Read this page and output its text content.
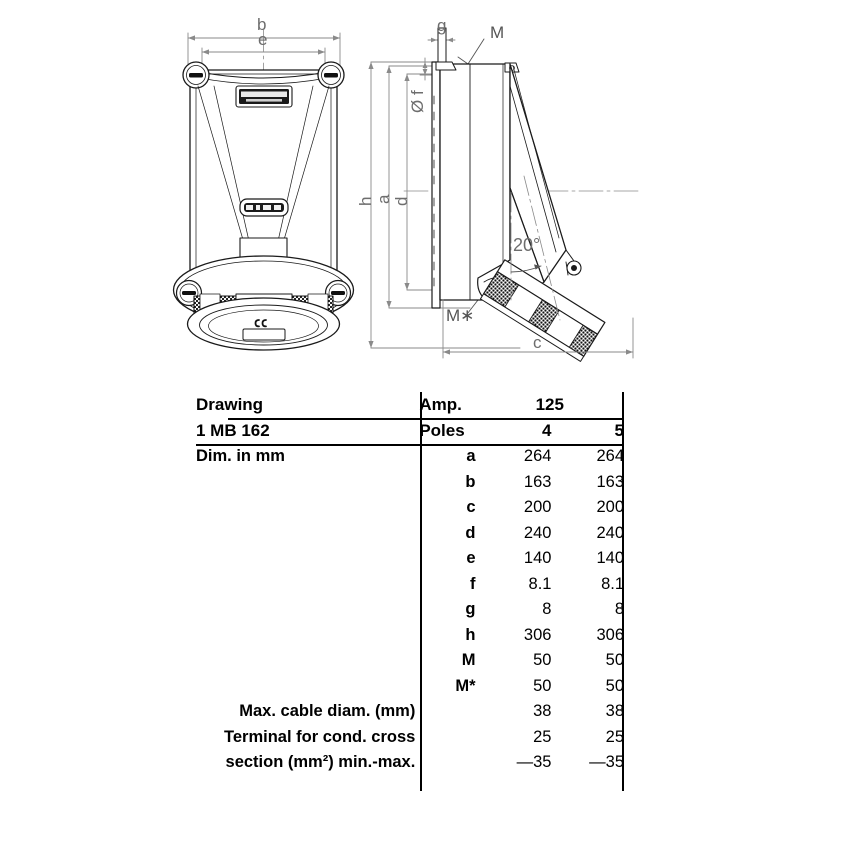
b
e
g	M
Ø f
h a d
20°
M∗
c
Drawing	Amp.	125	
1 MB 162	Poles	4	5
Dim. in mm	a	264	264
	b	163	163
	c	200	200
	d	240	240
	e	140	140
	f	8.1	8.1
	g	8	8
	h	306	306
	M	50	50
	M*	50	50
Max. cable diam. (mm)		38	38
Terminal for cond. cross		25	25
section (mm²) min.-max.		—35	—35
